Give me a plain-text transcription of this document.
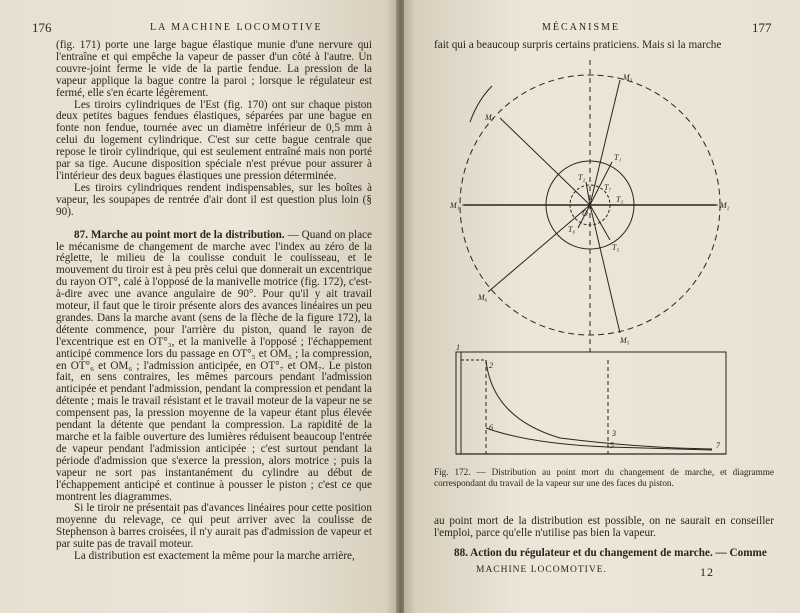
176	LA MACHINE LOCOMOTIVE

(fig. 171) porte une large bague élastique munie d'une nervure qui l'entraîne et qui empêche la vapeur de passer d'un côté à l'autre. Un couvre-joint ferme le vide de la partie fendue. La pression de la vapeur applique la bague contre la paroi ; lorsque le régulateur est fermé, elle s'en écarte légèrement.

Les tiroirs cylindriques de l'Est (fig. 170) ont sur chaque piston deux petites bagues fendues élastiques, séparées par une bague en fonte non fendue, tournée avec un diamètre inférieur de 0,5 mm à celui du logement cylindrique. C'est sur cette bague centrale que repose le tiroir cylindrique, qui est seulement entraîné mais non porté par sa tige. Aucune disposition spéciale n'est prévue pour assurer à l'intérieur des deux bagues élastiques une pression déterminée.

Les tiroirs cylindriques rendent indispensables, sur les boîtes à vapeur, les soupapes de rentrée d'air dont il est question plus loin (§ 90).

87. Marche au point mort de la distribution. — Quand on place le mécanisme de changement de marche avec l'index au zéro de la réglette, le milieu de la coulisse conduit le coulisseau, et le mouvement du tiroir est à peu près celui que donnerait un excentrique du rayon OT°, calé à l'opposé de la manivelle motrice (fig. 172), c'est-à-dire avec une avance angulaire de 90°. Pour qu'il y ait travail moteur, il faut que le tiroir présente alors des avances linéaires un peu grandes. Dans la marche avant (sens de la flèche de la figure 172), la détente commence, pour l'arrière du piston, quand le rayon de l'excentrique est en OT°₃, et la manivelle à l'opposé ; l'échappement anticipé commence lors du passage en OT°₅ et OM₅ ; la compression, en OT°₆ et OM₆ ; l'admission anticipée, en OT°₇ et OM₇. Le piston fait, en sens contraires, les mêmes parcours pendant l'admission anticipée et pendant l'admission, pendant la compression et pendant la détente ; mais le travail résistant et le travail moteur de la vapeur ne se compensent pas, la pression moyenne de la vapeur étant plus élevée pendant la détente que pendant la compression. La rapidité de la marche et la faible ouverture des lumières réduisent beaucoup l'entrée de vapeur pendant l'admission anticipée ; c'est surtout pendant la période d'admission que s'exerce la pression, alors motrice ; puis la vapeur ne sort pas instantanément du cylindre au début de l'échappement anticipé et continue à pousser le piston ; c'est ce que montrent les diagrammes.

Si le tiroir ne présentait pas d'avances linéaires pour cette position moyenne du relevage, ce qui peut arriver avec la coulisse de Stephenson à barres croisées, il n'y aurait pas d'admission de vapeur et par suite pas de travail moteur.

La distribution est exactement la même pour la marche arrière,

MÉCANISME	177
fait qui a beaucoup surpris certains praticiens. Mais si la marche
M₃
M₇
M₁	M₂
M₆
M₅
O
T₁
T₂
T₃
T₇
T₆
T₅
1
2
3
5
6
7
Fig. 172. — Distribution au point mort du changement de marche, et diagramme correspondant du travail de la vapeur sur une des faces du piston.
au point mort de la distribution est possible, on ne saurait en conseiller l'emploi, parce qu'elle n'utilise pas bien la vapeur.
88. Action du régulateur et du changement de marche. — Comme
MACHINE LOCOMOTIVE.	12
